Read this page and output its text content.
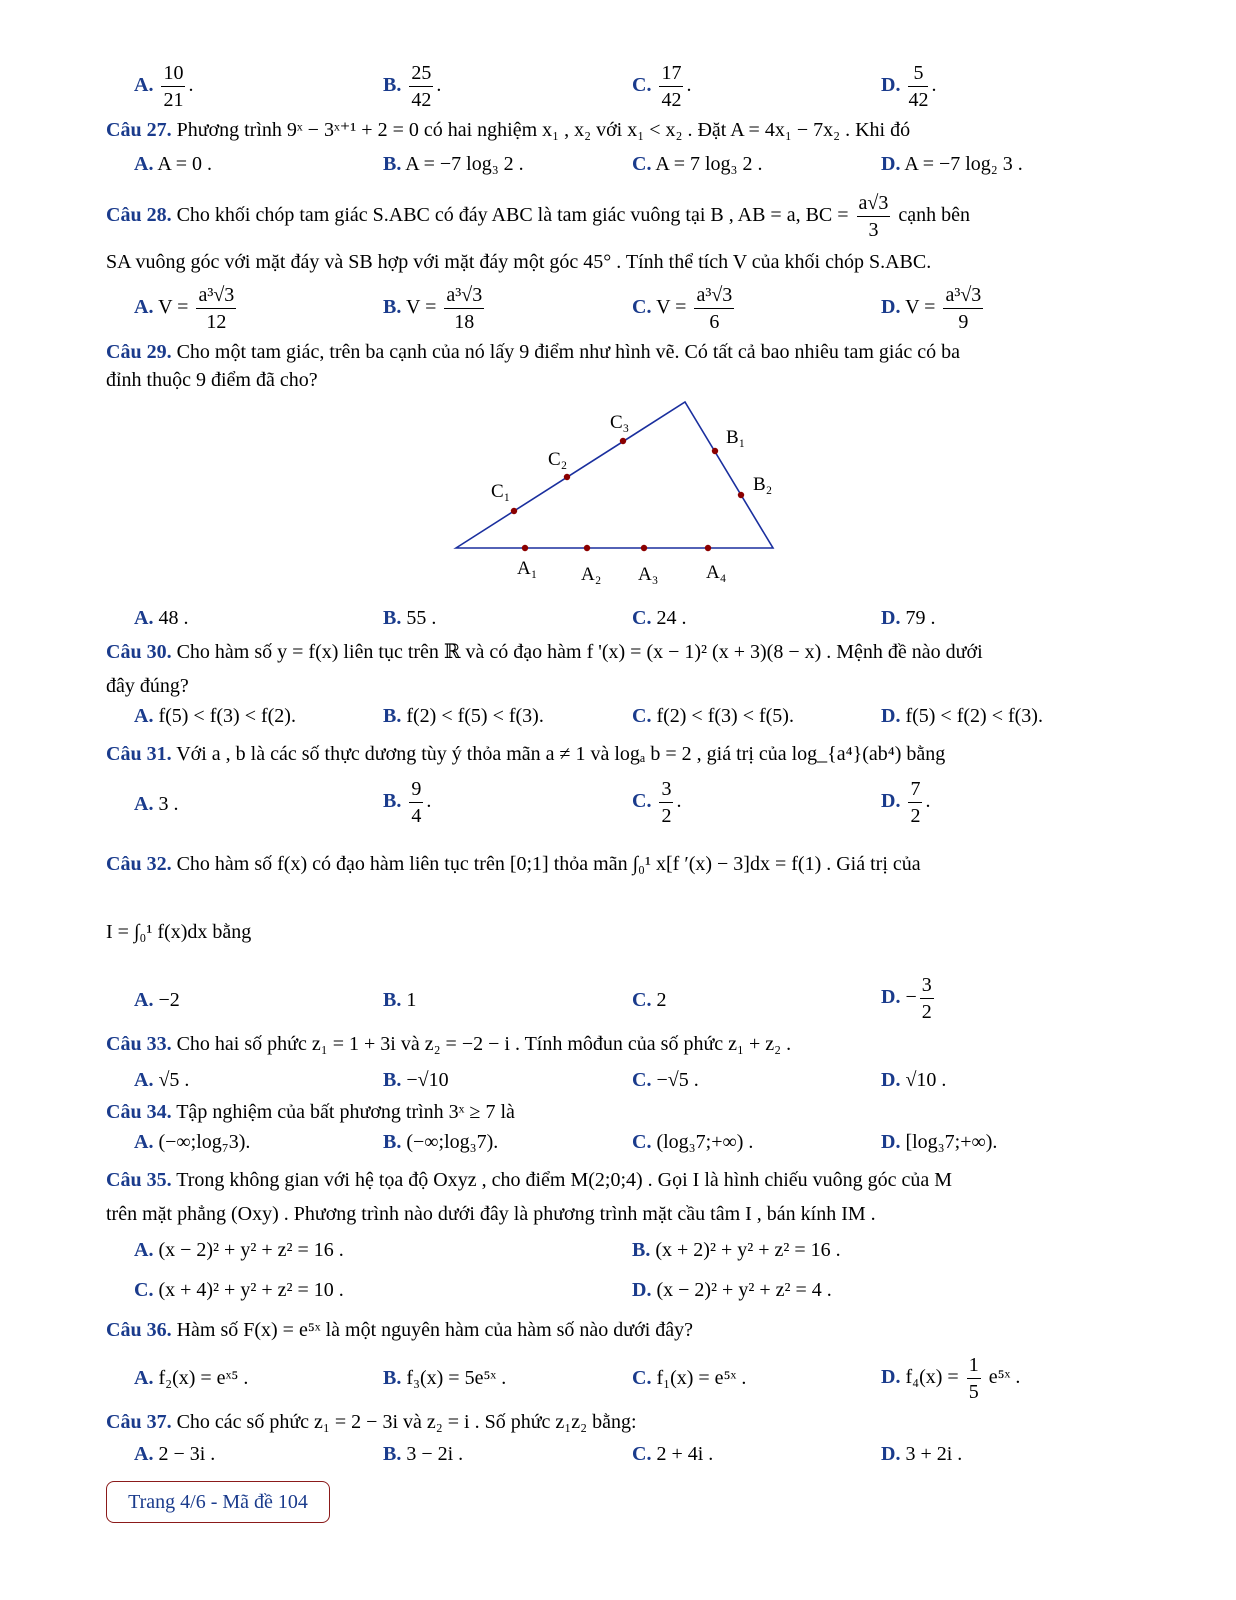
A. $\frac{10}{21}$ .	B. $\frac{25}{42}$ .	C. $\frac{17}{42}$ .	D. $\frac{5}{42}$ .
Câu 27. Phương trình 9ˣ − 3ˣ⁺¹ + 2 = 0 có hai nghiệm x₁ , x₂ với x₁ < x₂ . Đặt A = 4x₁ − 7x₂ . Khi đó
A. A = 0 .	B. A = −7 log₃ 2 .	C. A = 7 log₃ 2 .	D. A = −7 log₂ 3 .
Câu 28. Cho khối chóp tam giác S.ABC có đáy ABC là tam giác vuông tại B , AB = a, BC = $\frac{a√3}{3}$ cạnh bên
SA vuông góc với mặt đáy và SB hợp với mặt đáy một góc 45° . Tính thể tích V của khối chóp S.ABC.
A. $V = \frac{\text{a³√3}}{12}$	B. $V = \frac{\text{a³√3}}{18}$	C. $V = \frac{\text{a³√3}}{6}$	D. $V = \frac{\text{a³√3}}{9}$
Câu 29. Cho một tam giác, trên ba cạnh của nó lấy 9 điểm như hình vẽ. Có tất cả bao nhiêu tam giác có ba
đỉnh thuộc 9 điểm đã cho?
C₁
C₂
C₃
B₁
B₂
A₁ A₂ A₃	A₄
A. 48 .	B. 55 .	C. 24 .	D. 79 .
Câu 30. Cho hàm số y = f(x) liên tục trên ℝ và có đạo hàm f '(x) = (x − 1)² (x + 3)(8 − x) . Mệnh đề nào dưới
đây đúng?
A. f(5) < f(3) < f(2).	B. f(2) < f(5) < f(3).	C. f(2) < f(3) < f(5).	D. f(5) < f(2) < f(3).
Câu 31. Với a , b là các số thực dương tùy ý thỏa mãn a ≠ 1 và logₐ b = 2 , giá trị của log_{a⁴}(ab⁴) bằng
A. 3 .	B. $\frac{9}{4}$ .	C. $\frac{3}{2}$ .	D. $\frac{7}{2}$ .
Câu 32. Cho hàm số f(x) có đạo hàm liên tục trên [0;1] thỏa mãn ∫₀¹ x[f ′(x) − 3]dx = f(1) . Giá trị của
I = ∫₀¹ f(x)dx bằng
A. −2	B. 1	C. 2	D. − $\frac{3}{2}$
Câu 33. Cho hai số phức z₁ = 1 + 3i và z₂ = −2 − i . Tính môđun của số phức z₁ + z₂ .
A. √5 .	B. −√10	C. −√5 .	D. √10 .
Câu 34. Tập nghiệm của bất phương trình 3ˣ ≥ 7 là
A. (−∞;log₇3).	B. (−∞;log₃7).	C. (log₃7;+∞) .	D. [log₃7;+∞).
Câu 35. Trong không gian với hệ tọa độ Oxyz , cho điểm M(2;0;4) . Gọi I là hình chiếu vuông góc của M
trên mặt phẳng (Oxy) . Phương trình nào dưới đây là phương trình mặt cầu tâm I , bán kính IM .
A. (x − 2)² + y² + z² = 16 .	B. (x + 2)² + y² + z² = 16 .
C. (x + 4)² + y² + z² = 10 .	D. (x − 2)² + y² + z² = 4 .
Câu 36. Hàm số F(x) = e⁵ˣ là một nguyên hàm của hàm số nào dưới đây?
A. f₂(x) = eˣ⁵ .	B. f₃(x) = 5e⁵ˣ .	C. f₁(x) = e⁵ˣ .	D. $f_4(x) = \frac{1}{5}$ e⁵ˣ .
Câu 37. Cho các số phức z₁ = 2 − 3i và z₂ = i . Số phức z₁z₂ bằng:
A. 2 − 3i .	B. 3 − 2i .	C. 2 + 4i .	D. 3 + 2i .
Trang 4/6 - Mã đề 104
